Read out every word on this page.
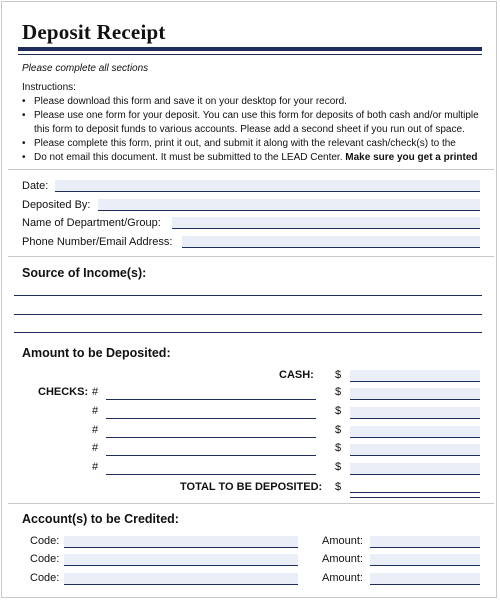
Deposit Receipt
Please complete all sections
Instructions:
• Please download this form and save it on your desktop for your record.
• Please use one form for your deposit. You can use this form for deposits of both cash and/or multiple
this form to deposit funds to various accounts. Please add a second sheet if you run out of space.
• Please complete this form, print it out, and submit it along with the relevant cash/check(s) to the
• Do not email this document. It must be submitted to the LEAD Center. Make sure you get a printed
Date:
Deposited By:
Name of Department/Group:
Phone Number/Email Address:
Source of Income(s):
Amount to be Deposited:
CASH: $
CHECKS: #	$
#	$
#	$
#	$
#	$
TOTAL TO BE DEPOSITED: $
Account(s) to be Credited:
Code:	Amount:
Code:	Amount:
Code:	Amount:
